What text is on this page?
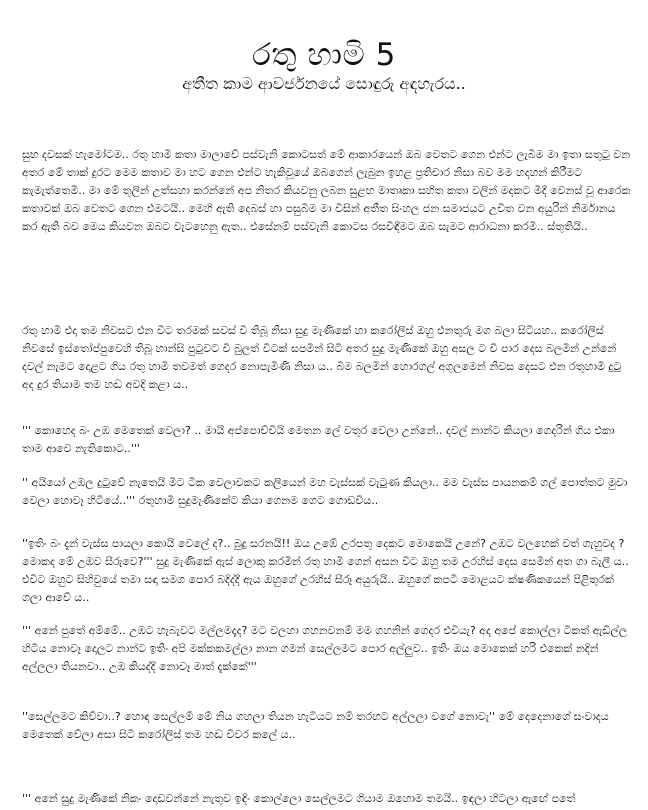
රතු හාමි 5
අතීත කාම ආවර්ජනයේ සොඳුරු අඳහැරය..

සුභ දවසක් හැමෝටම.. රතු හාමි කතා මාලාවේ පස්වැනි කොටසත් මේ ආකාරයෙන් ඔබ වෙතට ගෙන එන්ට ලැබීම මා ඉතා සතුටු වන අතර මේ තාක් දුරට මෙම කතාව මා හට ගෙන එන්ට හැකිවූයේ ඔබගෙන් ලැබුන ඉහළ ප්‍රතිචාර නිසා බව මම හදහන් කිරීමට කැමැත්තෙමි.. මා මේ තුලින් උත්සහා කරන්නේ අප නිතර කියවනු ලබන සුළභ මාතෘකා සහිත කතා වලින් මදකට මිදී වෙනස් වූ ආරෙක කතාවක් ඔබ වෙතට ගෙන එමටයි.. මෙහි ඇති දෙබස් හා පසුබිම මා විසින් අතීත සිංහල ජන සමාජයට උචිත වන අයුරින් නිර්මානය කර ඇති බව මෙය කියවන ඔබට වැටහෙනු ඇත.. එසේනම් පස්වැනි කොටස රසවිඳීමට ඔබ සැමට ආරාධනා කරමි.. ස්තුතියි..

රතු හාමි එදා තම නිවසට එන විට තරමක් සවස් වී තිබූ නිසා සුදු මැණිකේ හා කරෝලිස් ඔහු එනතුරු මග බලා සිටියහ.. කරෝලිස් නිවසේ ඉස්තෝප්පුවෙහි තිබූ හාන්සි පුටුවට වී බුලත් විටක් සපමින් සිටි අතර සුදු මැණිකේ ඔහු අසල ට වී පාර දෙස බලමින් උන්නේ දවල් නැමට දොළට ගිය රතු හාමි තවමත් ගෙදර නොපැමිණි නිසා ය.. බිම බලමින් හොරගල් අගුලමෙන් නිවස දෙසට එන රතුහාමි දුටු අද දුර තියාම තම හඬ අවදි කළා ය..

''' කොහෙද බං උඹ මෙතෙක් වෙලා? .. මායි අප්පොච්චියි මෙතන ලේ වතුර වෙලා උන්නේ.. දවල් නාන්ට කියලා ගෙදරින් ගිය එකා තාම ආවෙ නැතිකොට..'''

'' අයියෝ උඹල දුටුවේ නැතෙයි මිට ටික වෙලාවකට කලියෙන් මහ වැස්සක් වැටුණ කියලා.. මම වැස්ස පායනකම් ගල් පොත්තට මුවා වෙලා හොවෑ හිටියේ..''' රතුහාමි සුදුමැණිකේට කියා ගෙනම ගෙට ගොඩවිය..

''ඉතිං බං දැන් වැස්ස පායලා කොයි වෙලේ ද?.. බුදු සරනයි!! ඔය උඹේ උරපතු දෙකට මොකෙයි උනේ? උඹට වලහෙක් වත් ගැහුවද ? මොකද මේ උඹව සීරුවෙ?''' සුදු මැණිකේ ඇස් ලොකු කරමින් රතු හාමි ගෙන් අසන විට ඔහු තම උරහිස් දෙස සෙමින් අත ගා බැලී ය.. එවිට ඔහුට සිහිවුයේ තමා සඳා සමග පොර බදිද්දී ඇය ඔහුගේ උරහිස් සීරූ අයුරුයි.. ඔහුගේ කපටි මොළයට ක්ෂණිකයෙන් පිළිතුරක් ගලා ආවේ ය..

''' අනේ පුතේ අම්මේ.. උඹට හැබැවට මල්ලමදෑද? මට වලහා ගහනවනම් මම ගහනින් ගෙදර එවියැ? අද අපේ කොල්ලා ටිකත් ඇඩිල්ල හිටිය නොවෑ දොලට නාන්ට ඉතිං අපි මක්කකමල්ලා නාන ගමන් සෙල්ලමට පොර අල්ලුව.. ඉතිං ඔය මොකෙක් හරි එකෙක් නදින් අල්ලලා තියනවා.. උඹ කියද්දී නොවෑ මාත් දැක්කේ'''

''සෙල්ලමට කිව්වා..? හොඳ සෙල්ලම් මේ නිය ගහලා තියන හැටියට නම් තරහට අල්ලලා වගේ නොවැ'' මේ දෙදෙනාගේ සංවාදය මෙතෙක් වේලා අසා සිටි කරෝලිස් තම හඬ විවර කලේ ය..

''' අනේ සුදු මැණිකේ නිකං දොඩවන්නේ නැතුව ඉඳිං කොල්ලො සෙල්ලමට ගියාම ඔහොම තමයි.. ඉඳලා හිටලා ඇඟේ පතේ
